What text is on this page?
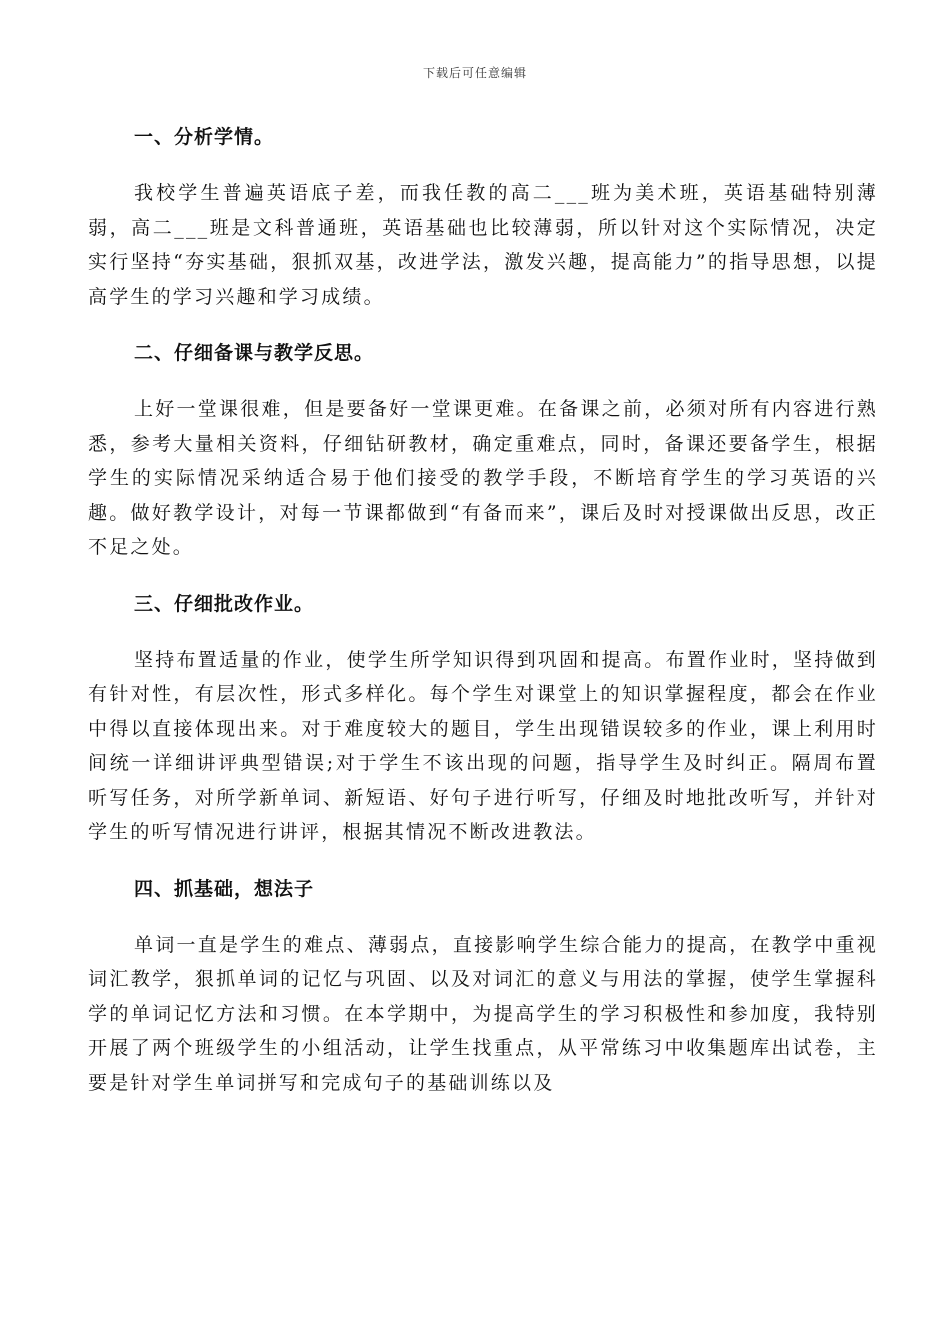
下载后可任意编辑
一、分析学情。
我校学生普遍英语底子差，而我任教的高二___班为美术班，英语基础特别薄弱，高二___班是文科普通班，英语基础也比较薄弱，所以针对这个实际情况，决定实行坚持“夯实基础，狠抓双基，改进学法，激发兴趣，提高能力”的指导思想，以提高学生的学习兴趣和学习成绩。
二、仔细备课与教学反思。
上好一堂课很难，但是要备好一堂课更难。在备课之前，必须对所有内容进行熟悉，参考大量相关资料，仔细钻研教材，确定重难点，同时，备课还要备学生，根据学生的实际情况采纳适合易于他们接受的教学手段，不断培育学生的学习英语的兴趣。做好教学设计，对每一节课都做到“有备而来”，课后及时对授课做出反思，改正不足之处。
三、仔细批改作业。
坚持布置适量的作业，使学生所学知识得到巩固和提高。布置作业时，坚持做到有针对性，有层次性，形式多样化。每个学生对课堂上的知识掌握程度，都会在作业中得以直接体现出来。对于难度较大的题目，学生出现错误较多的作业，课上利用时间统一详细讲评典型错误;对于学生不该出现的问题，指导学生及时纠正。隔周布置听写任务，对所学新单词、新短语、好句子进行听写，仔细及时地批改听写，并针对学生的听写情况进行讲评，根据其情况不断改进教法。
四、抓基础，想法子
单词一直是学生的难点、薄弱点，直接影响学生综合能力的提高，在教学中重视词汇教学，狠抓单词的记忆与巩固、以及对词汇的意义与用法的掌握，使学生掌握科学的单词记忆方法和习惯。在本学期中，为提高学生的学习积极性和参加度，我特别开展了两个班级学生的小组活动，让学生找重点，从平常练习中收集题库出试卷，主要是针对学生单词拼写和完成句子的基础训练以及
